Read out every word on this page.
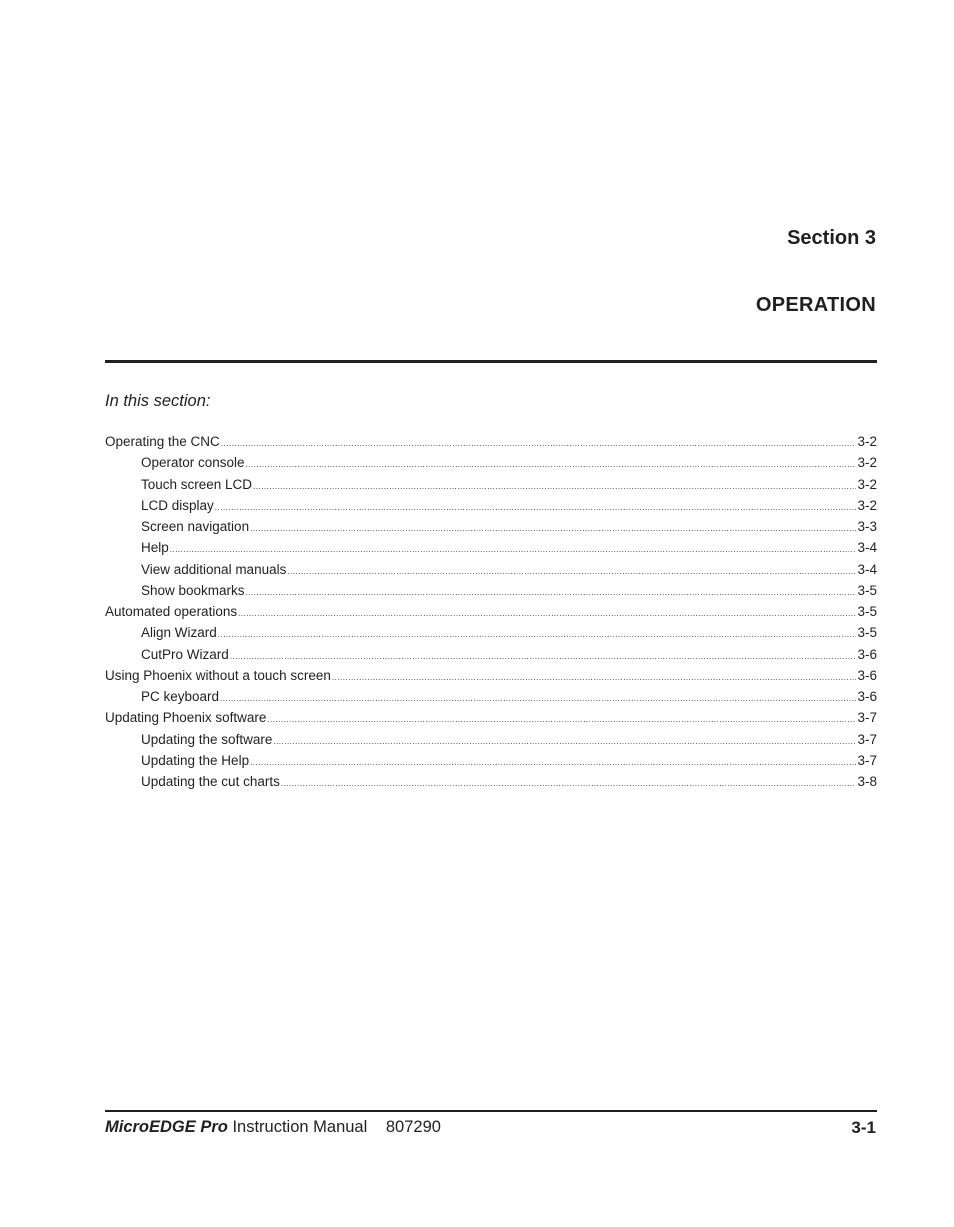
Section 3
OPERATION

In this section:

Operating the CNC .....	3-2
Operator console .....	3-2
Touch screen LCD .....	3-2
LCD display .....	3-2
Screen navigation .....	3-3
Help .....	3-4
View additional manuals .....	3-4
Show bookmarks .....	3-5
Automated operations .....	3-5
Align Wizard .....	3-5
CutPro Wizard .....	3-6
Using Phoenix without a touch screen .....	3-6
PC keyboard .....	3-6
Updating Phoenix software .....	3-7
Updating the software .....	3-7
Updating the Help .....	3-7
Updating the cut charts .....	3-8

MicroEDGE Pro Instruction Manual 807290	3-1
